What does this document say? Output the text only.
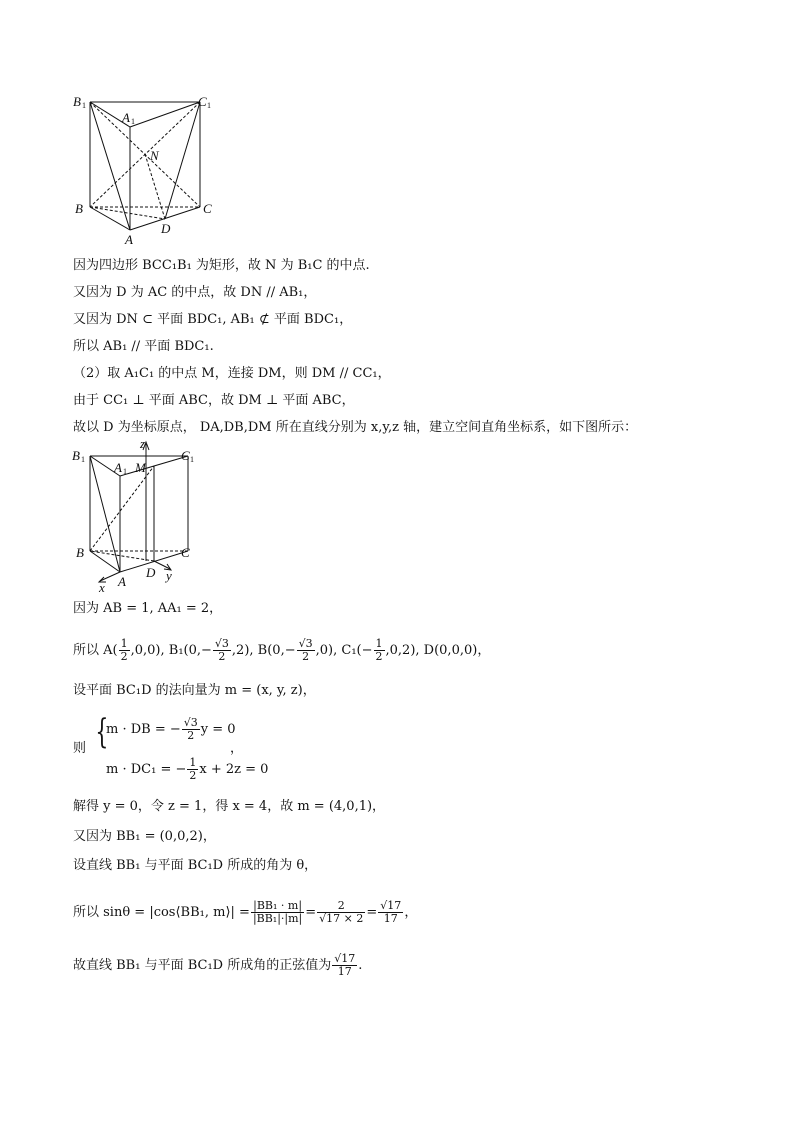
B 1	C 1
A 1
N
B	C
A
D
因为四边形 BCC₁B₁ 为矩形，故 N 为 B₁C 的中点.
又因为 D 为 AC 的中点，故 DN // AB₁，
又因为 DN ⊂ 平面 BDC₁, AB₁ ⊄ 平面 BDC₁，
所以 AB₁ // 平面 BDC₁.
（2）取 A₁C₁ 的中点 M，连接 DM，则 DM // CC₁，
由于 CC₁ ⊥ 平面 ABC，故 DM ⊥ 平面 ABC，
故以 D 为坐标原点， DA,DB,DM 所在直线分别为 x,y,z 轴，建立空间直角坐标系，如下图所示：
B 1
A 1 M
C 1
z
B	C
A
D
x
y
因为 AB = 1, AA₁ = 2，
所以 $A( \frac{1}{2} ,0,0)$, $B_1(0,- \frac{√3}{2} ,2)$, $B(0,- \frac{√3}{2} ,0)$, $C_1(- \frac{1}{2} ,0,2)$, D(0,0,0)，
设平面 BC₁D 的法向量为 m = (x, y, z)，
则 {
m · DB = − $\frac{√3}{2}$ y = 0
m · DC₁ = − $\frac{1}{2}$ x + 2z = 0
，
解得 y = 0，令 z = 1，得 x = 4，故 m = (4,0,1)，
又因为 BB₁ = (0,0,2)，
设直线 BB₁ 与平面 BC₁D 所成的角为 θ，
所以 sinθ = |cos⟨BB₁, m⟩| = $\frac{\text{|BB₁ · m|}}{\text{|BB₁|·|m|}} = \frac{2}{√17 \times 2} = \frac{√17}{17}$ ，
故直线 BB₁ 与平面 BC₁D 所成角的正弦值为 $\frac{√17}{17}$ .
